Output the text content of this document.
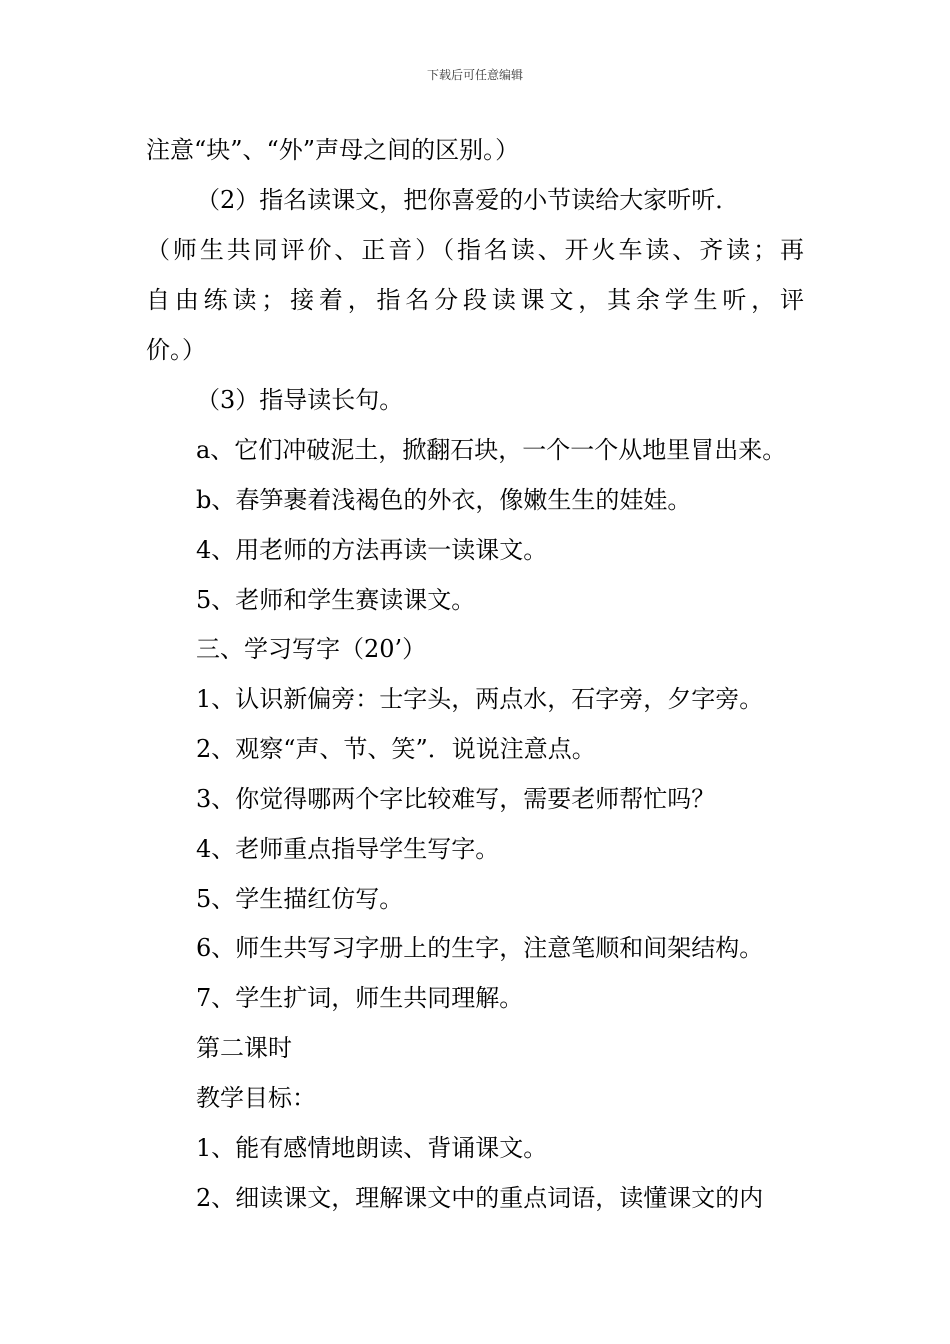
下载后可任意编辑
注意“块”、“外”声母之间的区别。）
（2）指名读课文，把你喜爱的小节读给大家听听．
（师生共同评价、正音）（指名读、开火车读、齐读；再
自由练读；接着，指名分段读课文，其余学生听，评
价。）
（3）指导读长句。
a、它们冲破泥土，掀翻石块，一个一个从地里冒出来。
b、春笋裹着浅褐色的外衣，像嫩生生的娃娃。
4、用老师的方法再读一读课文。
5、老师和学生赛读课文。
三、学习写字（20’）
1、认识新偏旁：士字头，两点水，石字旁，夕字旁。
2、观察“声、节、笑”．说说注意点。
3、你觉得哪两个字比较难写，需要老师帮忙吗？
4、老师重点指导学生写字。
5、学生描红仿写。
6、师生共写习字册上的生字，注意笔顺和间架结构。
7、学生扩词，师生共同理解。
第二课时
教学目标：
1、能有感情地朗读、背诵课文。
2、细读课文，理解课文中的重点词语，读懂课文的内
